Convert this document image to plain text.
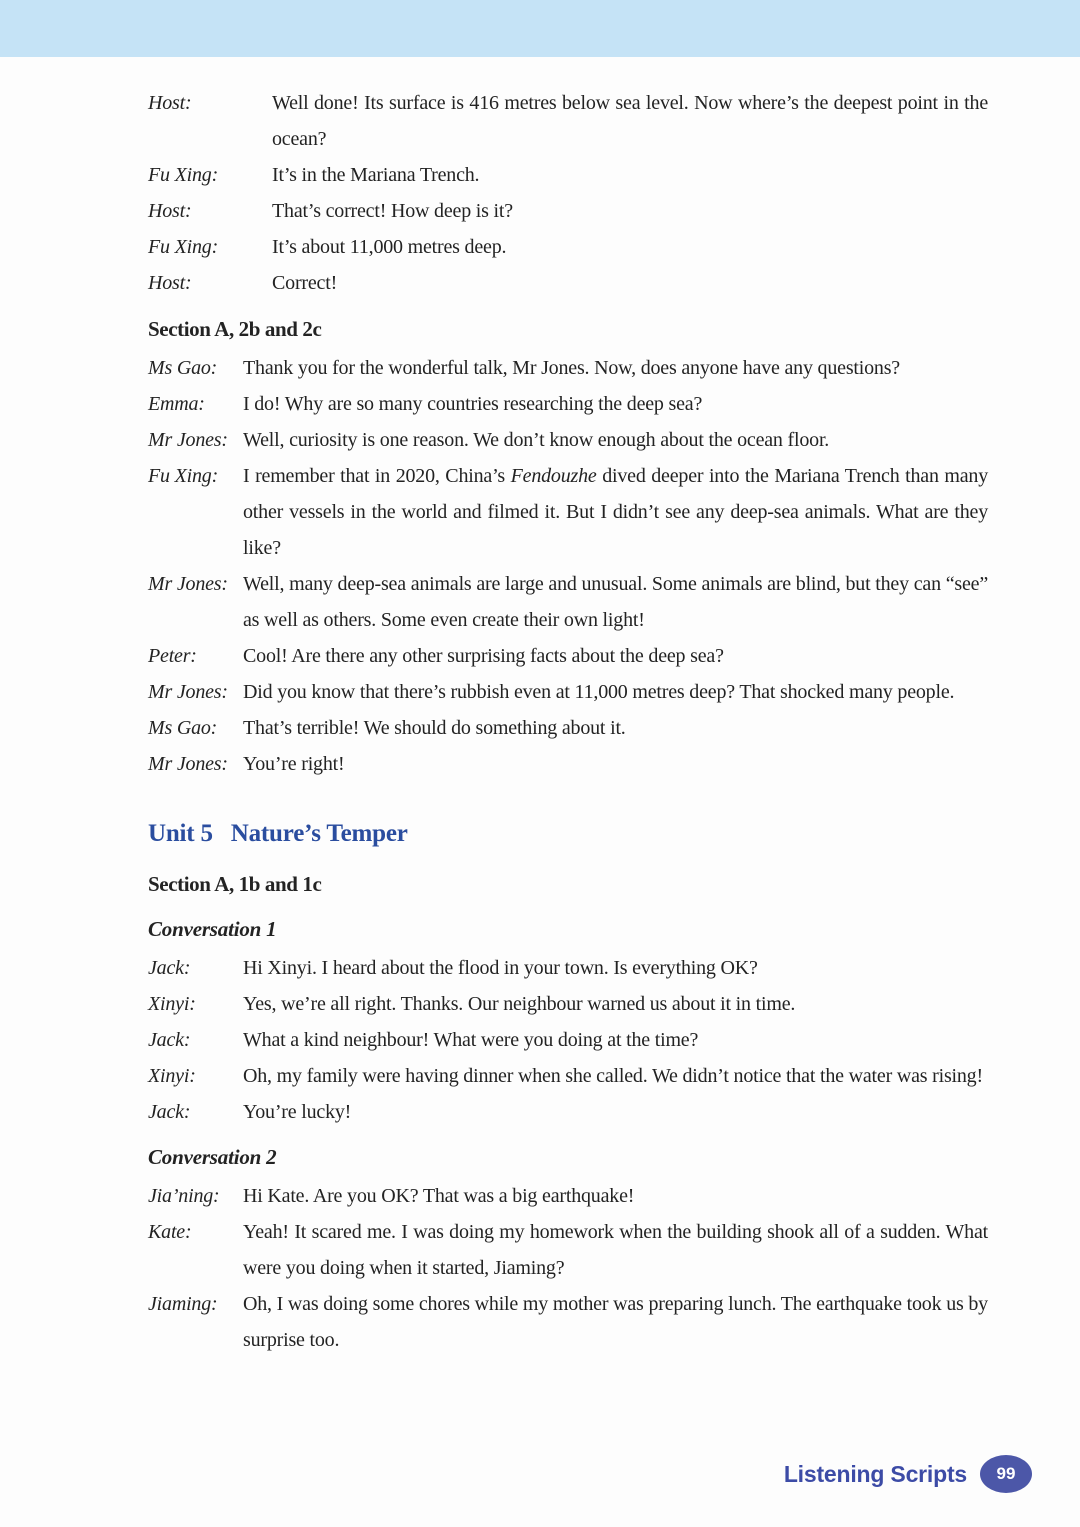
Host:	Well done! Its surface is 416 metres below sea level. Now where’s the deepest point in the ocean?
Fu Xing:	It’s in the Mariana Trench.
Host:	That’s correct! How deep is it?
Fu Xing:	It’s about 11,000 metres deep.
Host:	Correct!
Section A, 2b and 2c
Ms Gao:	Thank you for the wonderful talk, Mr Jones. Now, does anyone have any questions?
Emma:	I do! Why are so many countries researching the deep sea?
Mr Jones: Well, curiosity is one reason. We don’t know enough about the ocean floor.
Fu Xing:	I remember that in 2020, China’s Fendouzhe dived deeper into the Mariana Trench than many other vessels in the world and filmed it. But I didn’t see any deep-sea animals. What are they like?
Mr Jones: Well, many deep-sea animals are large and unusual. Some animals are blind, but they can “see” as well as others. Some even create their own light!
Peter:	Cool! Are there any other surprising facts about the deep sea?
Mr Jones: Did you know that there’s rubbish even at 11,000 metres deep? That shocked many people.
Ms Gao:	That’s terrible! We should do something about it.
Mr Jones: You’re right!
Unit 5 Nature’s Temper
Section A, 1b and 1c
Conversation 1
Jack:	Hi Xinyi. I heard about the flood in your town. Is everything OK?
Xinyi:	Yes, we’re all right. Thanks. Our neighbour warned us about it in time.
Jack:	What a kind neighbour! What were you doing at the time?
Xinyi:	Oh, my family were having dinner when she called. We didn’t notice that the water was rising!
Jack:	You’re lucky!
Conversation 2
Jia’ning:	Hi Kate. Are you OK? That was a big earthquake!
Kate:	Yeah! It scared me. I was doing my homework when the building shook all of a sudden. What were you doing when it started, Jiaming?
Jiaming:	Oh, I was doing some chores while my mother was preparing lunch. The earthquake took us by surprise too.
Listening Scripts	99
